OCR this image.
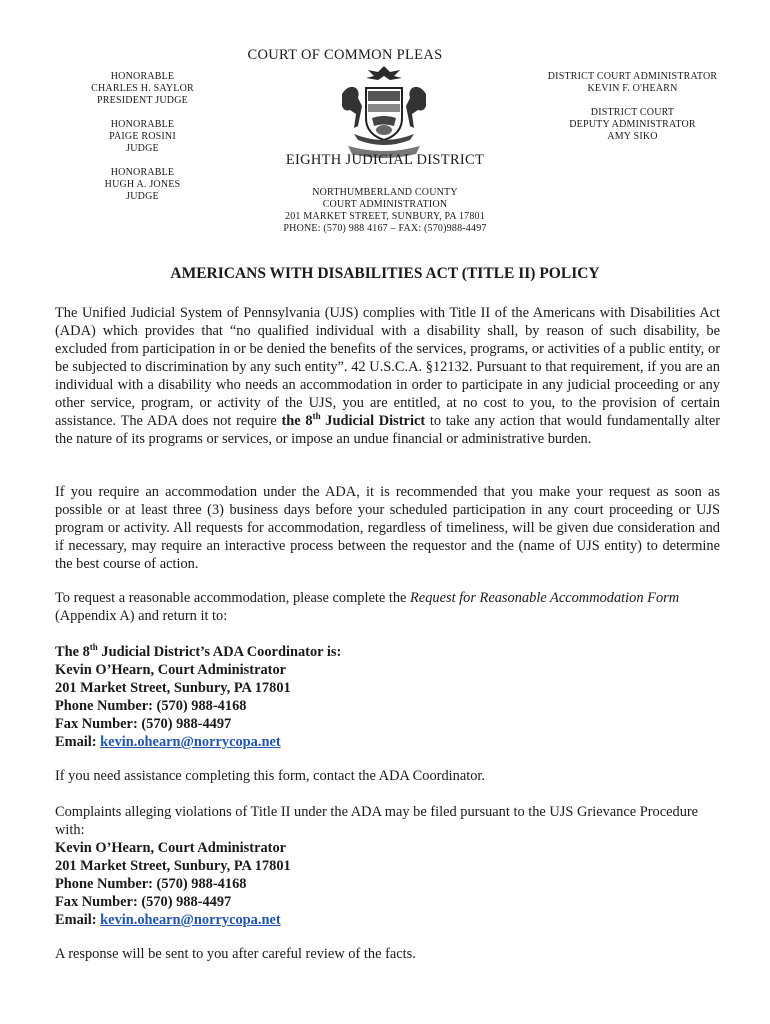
COURT OF COMMON PLEAS
HONORABLE
CHARLES H. SAYLOR
PRESIDENT JUDGE
HONORABLE
PAIGE ROSINI
JUDGE
HONORABLE
HUGH A. JONES
JUDGE
DISTRICT COURT ADMINISTRATOR
KEVIN F. O'HEARN
DISTRICT COURT
DEPUTY ADMINISTRATOR
AMY SIKO
EIGHTH JUDICIAL DISTRICT
NORTHUMBERLAND COUNTY
COURT ADMINISTRATION
201 MARKET STREET, SUNBURY, PA 17801
PHONE: (570) 988 4167 – FAX: (570)988-4497
AMERICANS WITH DISABILITIES ACT (TITLE II) POLICY

The Unified Judicial System of Pennsylvania (UJS) complies with Title II of the Americans with Disabilities Act (ADA) which provides that “no qualified individual with a disability shall, by reason of such disability, be excluded from participation in or be denied the benefits of the services, programs, or activities of a public entity, or be subjected to discrimination by any such entity”. 42 U.S.C.A. §12132. Pursuant to that requirement, if you are an individual with a disability who needs an accommodation in order to participate in any judicial proceeding or any other service, program, or activity of the UJS, you are entitled, at no cost to you, to the provision of certain assistance. The ADA does not require the 8th Judicial District to take any action that would fundamentally alter the nature of its programs or services, or impose an undue financial or administrative burden.

If you require an accommodation under the ADA, it is recommended that you make your request as soon as possible or at least three (3) business days before your scheduled participation in any court proceeding or UJS program or activity. All requests for accommodation, regardless of timeliness, will be given due consideration and if necessary, may require an interactive process between the requestor and the (name of UJS entity) to determine the best course of action.

To request a reasonable accommodation, please complete the Request for Reasonable Accommodation Form (Appendix A) and return it to:

The 8th Judicial District’s ADA Coordinator is:
Kevin O’Hearn, Court Administrator
201 Market Street, Sunbury, PA 17801
Phone Number: (570) 988-4168
Fax Number: (570) 988-4497
Email: kevin.ohearn@norrycopa.net

If you need assistance completing this form, contact the ADA Coordinator.

Complaints alleging violations of Title II under the ADA may be filed pursuant to the UJS Grievance Procedure with:

Kevin O’Hearn, Court Administrator
201 Market Street, Sunbury, PA 17801
Phone Number: (570) 988-4168
Fax Number: (570) 988-4497
Email: kevin.ohearn@norrycopa.net

A response will be sent to you after careful review of the facts.
